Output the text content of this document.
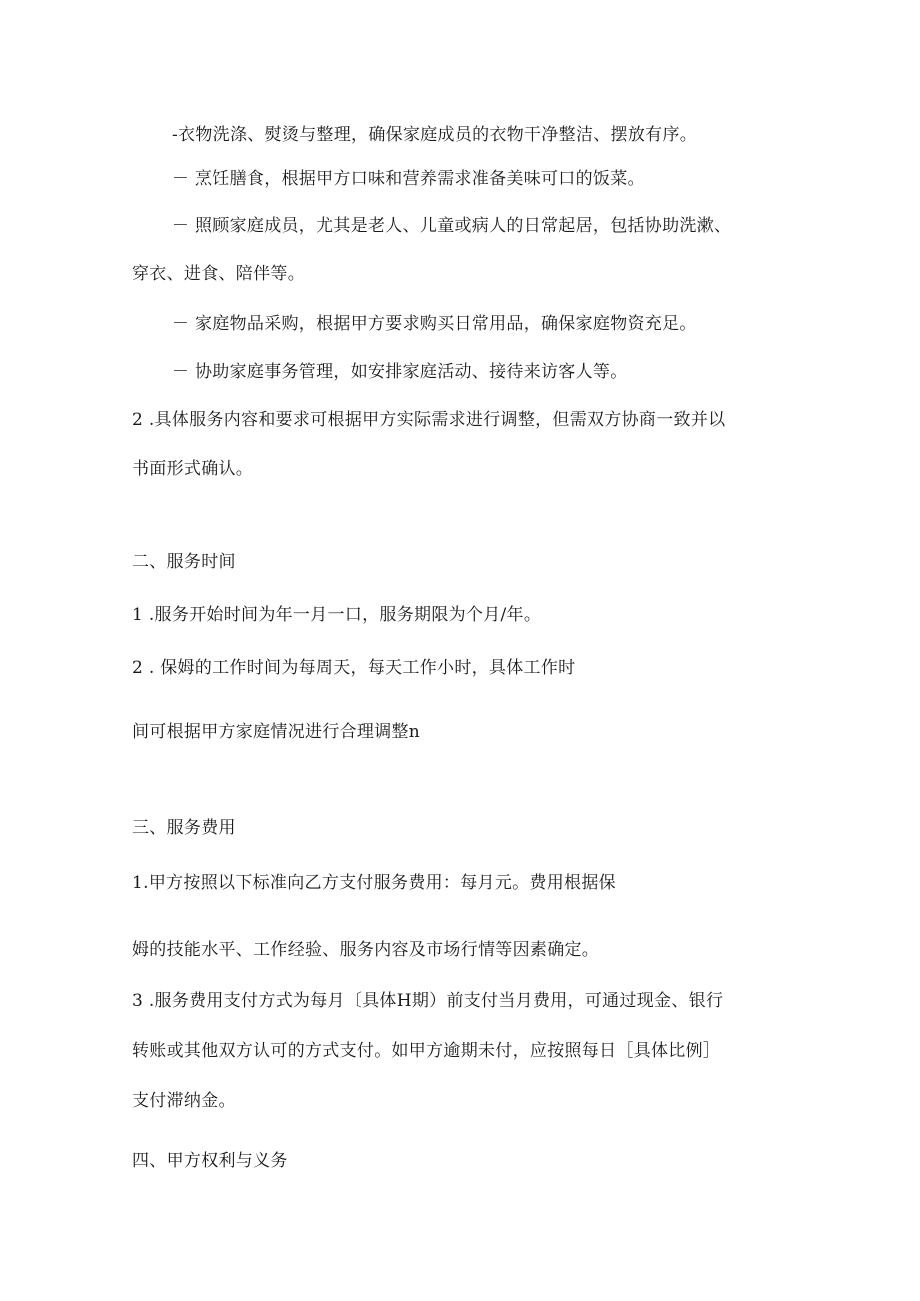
-衣物洗涤、熨烫与整理，确保家庭成员的衣物干净整洁、摆放有序。
－ 烹饪膳食，根据甲方口味和营养需求准备美味可口的饭菜。
－ 照顾家庭成员，尤其是老人、儿童或病人的日常起居，包括协助洗漱、
穿衣、进食、陪伴等。
－ 家庭物品采购，根据甲方要求购买日常用品，确保家庭物资充足。
－ 协助家庭事务管理，如安排家庭活动、接待来访客人等。
2 .具体服务内容和要求可根据甲方实际需求进行调整，但需双方协商一致并以
书面形式确认。
二、服务时间
1 .服务开始时间为年一月一口，服务期限为个月/年。
2 . 保姆的工作时间为每周天，每天工作小时，具体工作时
间可根据甲方家庭情况进行合理调整n
三、服务费用
1.甲方按照以下标准向乙方支付服务费用：每月元。费用根据保
姆的技能水平、工作经验、服务内容及市场行情等因素确定。
3 .服务费用支付方式为每月〔具体H期）前支付当月费用，可通过现金、银行
转账或其他双方认可的方式支付。如甲方逾期未付，应按照每日［具体比例］
支付滞纳金。
四、甲方权利与义务
